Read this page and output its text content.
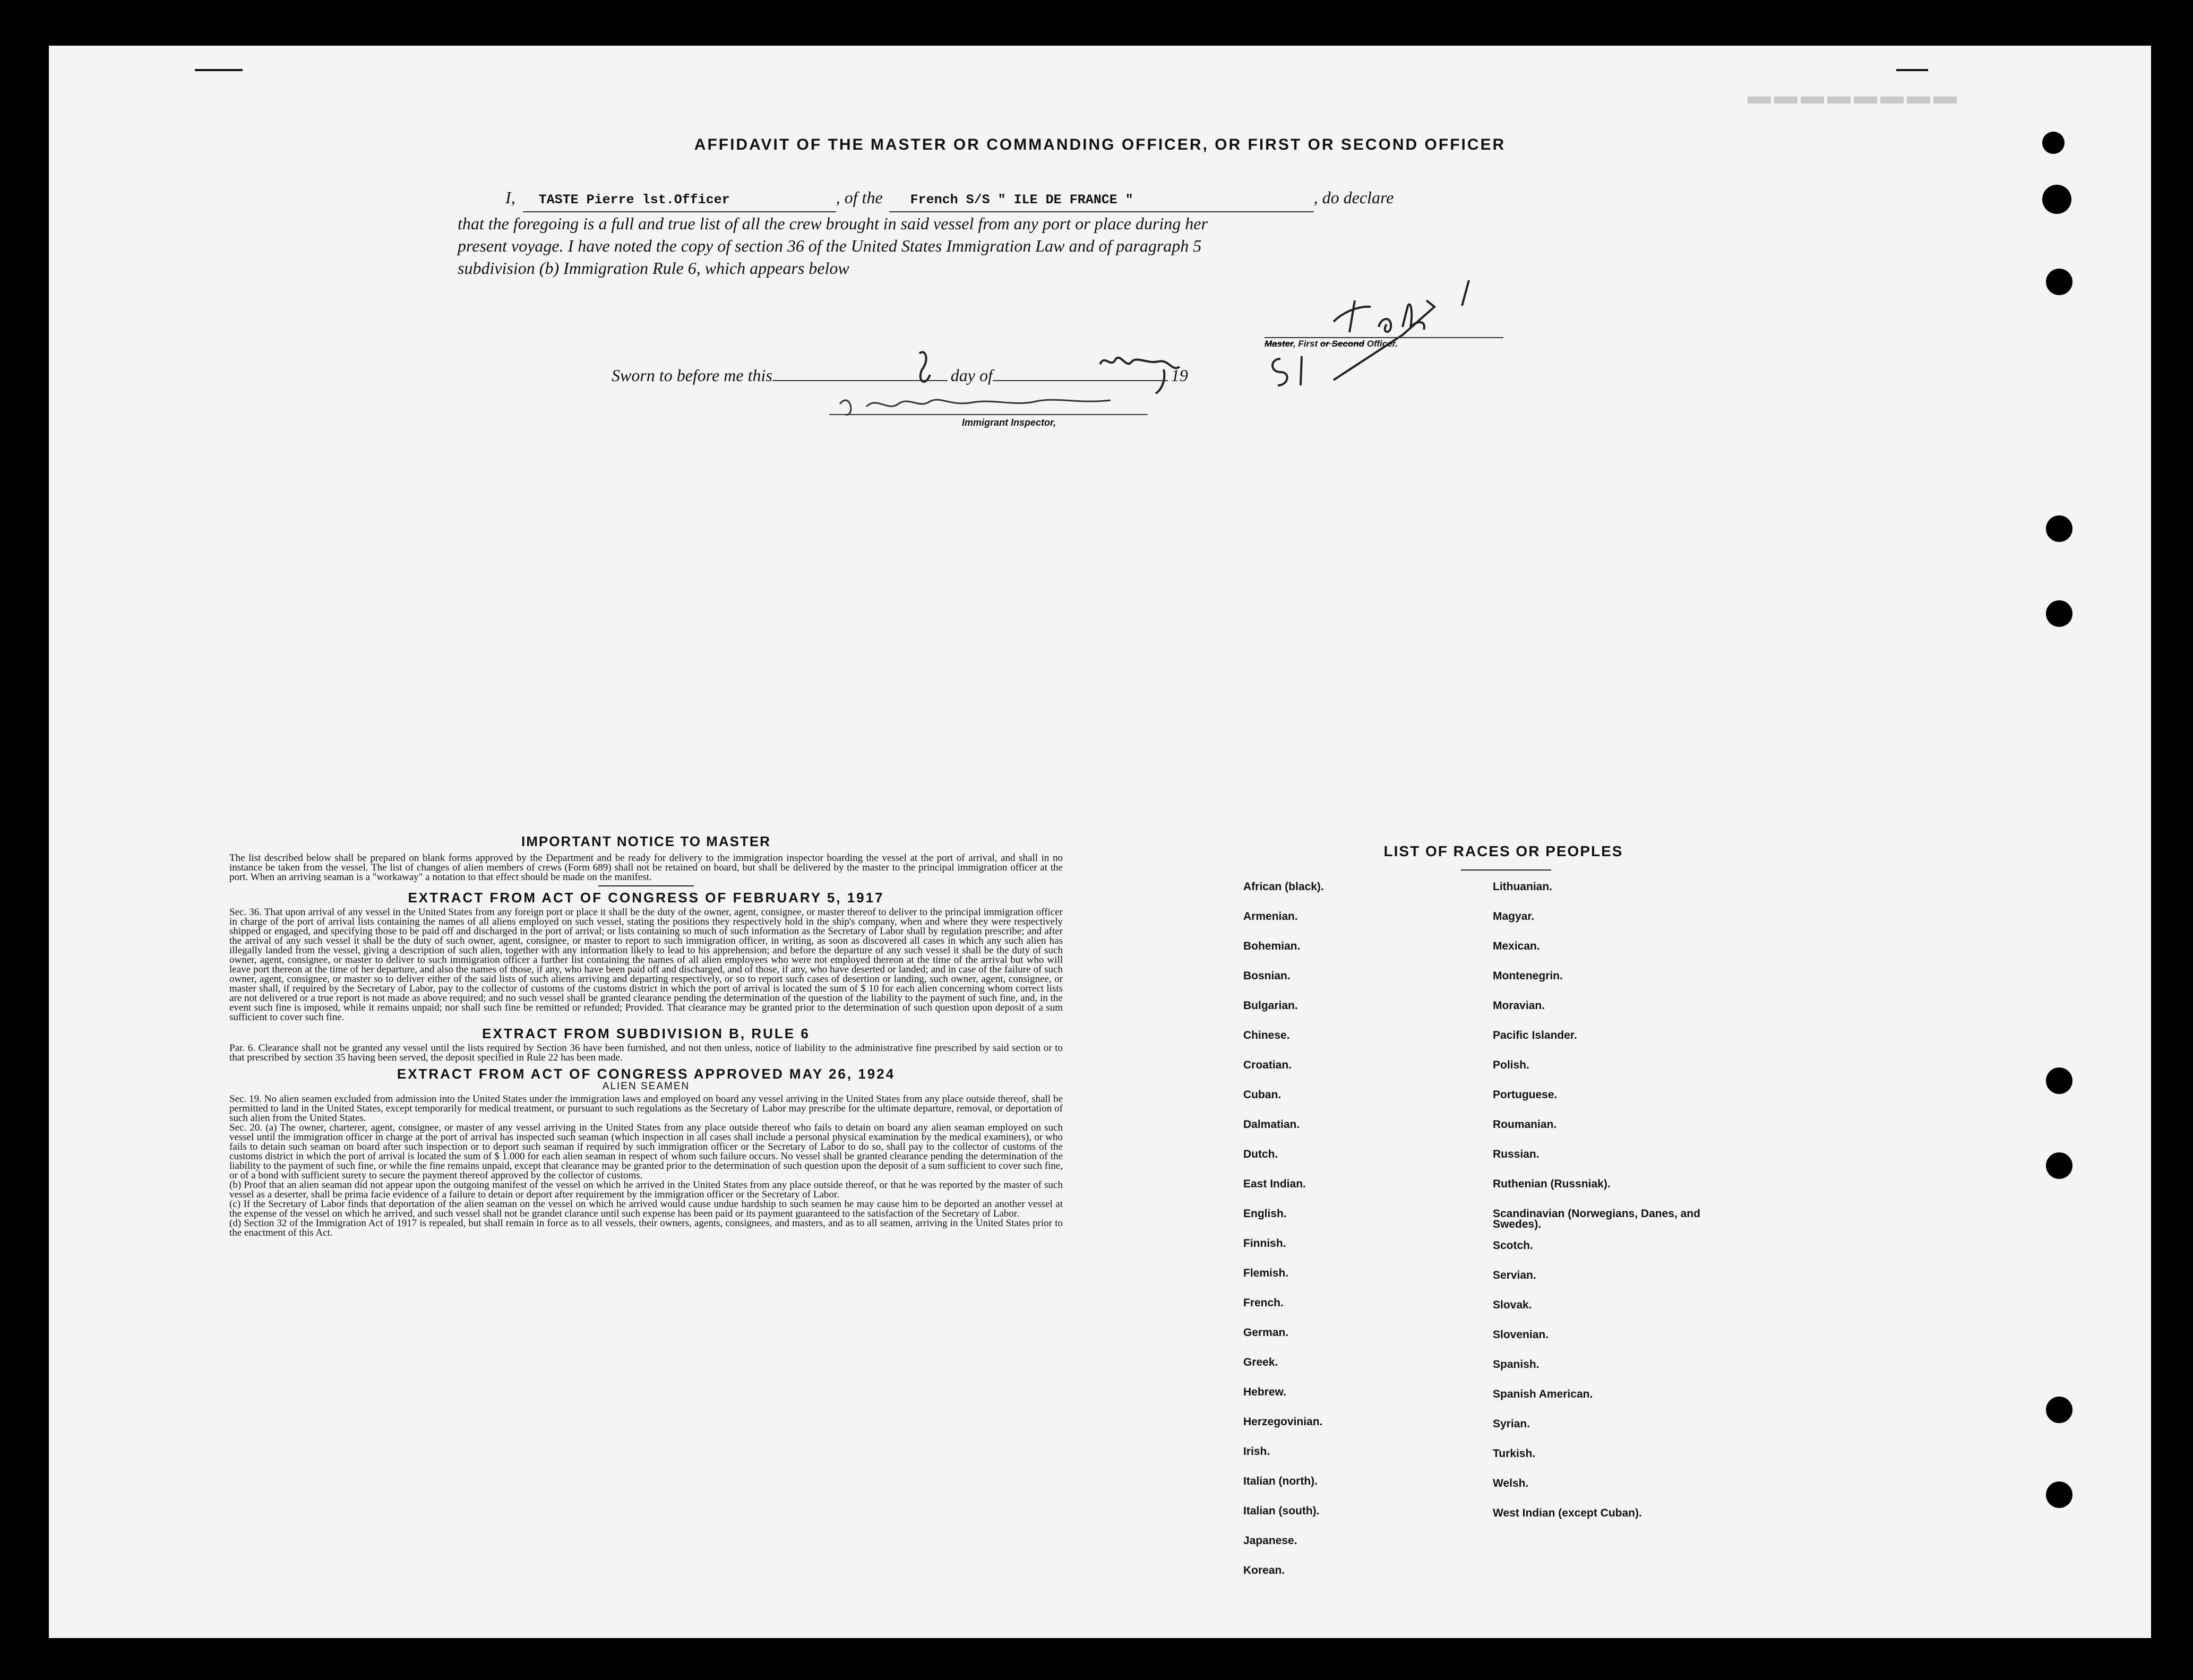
▬▬▬▬▬▬▬▬
AFFIDAVIT OF THE MASTER OR COMMANDING OFFICER, OR FIRST OR SECOND OFFICER
I,	TASTE Pierre lst.Officer	, of the	French S/S " ILE DE FRANCE "	, do declare
that the foregoing is a full and true list of all the crew brought in said vessel from any port or place during her
present voyage. I have noted the copy of section 36 of the United States Immigration Law and of paragraph 5
subdivision (b) Immigration Rule 6, which appears below
Master, First or Second Officer.
Sworn to before me this	day of	19
Immigrant Inspector,
IMPORTANT NOTICE TO MASTER

The list described below shall be prepared on blank forms approved by the Department and be ready for delivery to the immigration inspector boarding the vessel at the port of arrival, and shall in no instance be taken from the vessel. The list of changes of alien members of crews (Form 689) shall not be retained on board, but shall be delivered by the master to the principal immigration officer at the port. When an arriving seaman is a "workaway" a notation to that effect should be made on the manifest.

EXTRACT FROM ACT OF CONGRESS OF FEBRUARY 5, 1917

Sec. 36. That upon arrival of any vessel in the United States from any foreign port or place it shall be the duty of the owner, agent, consignee, or master thereof to deliver to the principal immigration officer in charge of the port of arrival lists containing the names of all aliens employed on such vessel, stating the positions they respectively hold in the ship's company, when and where they were respectively shipped or engaged, and specifying those to be paid off and discharged in the port of arrival; or lists containing so much of such information as the Secretary of Labor shall by regulation prescribe; and after the arrival of any such vessel it shall be the duty of such owner, agent, consignee, or master to report to such immigration officer, in writing, as soon as discovered all cases in which any such alien has illegally landed from the vessel, giving a description of such alien, together with any information likely to lead to his apprehension; and before the departure of any such vessel it shall be the duty of such owner, agent, consignee, or master to deliver to such immigration officer a further list containing the names of all alien employees who were not employed thereon at the time of the arrival but who will leave port thereon at the time of her departure, and also the names of those, if any, who have been paid off and discharged, and of those, if any, who have deserted or landed; and in case of the failure of such owner, agent, consignee, or master so to deliver either of the said lists of such aliens arriving and departing respectively, or so to report such cases of desertion or landing, such owner, agent, consignee, or master shall, if required by the Secretary of Labor, pay to the collector of customs of the customs district in which the port of arrival is located the sum of $ 10 for each alien concerning whom correct lists are not delivered or a true report is not made as above required; and no such vessel shall be granted clearance pending the determination of the question of the liability to the payment of such fine, and, in the event such fine is imposed, while it remains unpaid; nor shall such fine be remitted or refunded; Provided. That clearance may be granted prior to the determination of such question upon deposit of a sum sufficient to cover such fine.

EXTRACT FROM SUBDIVISION B, RULE 6

Par. 6. Clearance shall not be granted any vessel until the lists required by Section 36 have been furnished, and not then unless, notice of liability to the administrative fine prescribed by said section or to that prescribed by section 35 having been served, the deposit specified in Rule 22 has been made.

EXTRACT FROM ACT OF CONGRESS APPROVED MAY 26, 1924
ALIEN SEAMEN

Sec. 19. No alien seamen excluded from admission into the United States under the immigration laws and employed on board any vessel arriving in the United States from any place outside thereof, shall be permitted to land in the United States, except temporarily for medical treatment, or pursuant to such regulations as the Secretary of Labor may prescribe for the ultimate departure, removal, or deportation of such alien from the United States.

Sec. 20. (a) The owner, charterer, agent, consignee, or master of any vessel arriving in the United States from any place outside thereof who fails to detain on board any alien seaman employed on such vessel until the immigration officer in charge at the port of arrival has inspected such seaman (which inspection in all cases shall include a personal physical examination by the medical examiners), or who fails to detain such seaman on board after such inspection or to deport such seaman if required by such immigration officer or the Secretary of Labor to do so, shall pay to the collector of customs of the customs district in which the port of arrival is located the sum of $ 1.000 for each alien seaman in respect of whom such failure occurs. No vessel shall be granted clearance pending the determination of the liability to the payment of such fine, or while the fine remains unpaid, except that clearance may be granted prior to the determination of such question upon the deposit of a sum sufficient to cover such fine, or of a bond with sufficient surety to secure the payment thereof approved by the collector of customs.

(b) Proof that an alien seaman did not appear upon the outgoing manifest of the vessel on which he arrived in the United States from any place outside thereof, or that he was reported by the master of such vessel as a deserter, shall be prima facie evidence of a failure to detain or deport after requirement by the immigration officer or the Secretary of Labor.

(c) If the Secretary of Labor finds that deportation of the alien seaman on the vessel on which he arrived would cause undue hardship to such seamen he may cause him to be deported an another vessel at the expense of the vessel on which he arrived, and such vessel shall not be grandet clarance until such expense has been paid or its payment guaranteed to the satisfaction of the Secretary of Labor.

(d) Section 32 of the Immigration Act of 1917 is repealed, but shall remain in force as to all vessels, their owners, agents, consignees, and masters, and as to all seamen, arriving in the United States prior to the enactment of this Act.

LIST OF RACES OR PEOPLES
African (black).
Armenian.
Bohemian.
Bosnian.
Bulgarian.
Chinese.
Croatian.
Cuban.
Dalmatian.
Dutch.
East Indian.
English.
Finnish.
Flemish.
French.
German.
Greek.
Hebrew.
Herzegovinian.
Irish.
Italian (north).
Italian (south).
Japanese.
Korean.
Lithuanian.
Magyar.
Mexican.
Montenegrin.
Moravian.
Pacific Islander.
Polish.
Portuguese.
Roumanian.
Russian.
Ruthenian (Russniak).
Scandinavian (Norwegians, Danes, and Swedes).
Scotch.
Servian.
Slovak.
Slovenian.
Spanish.
Spanish American.
Syrian.
Turkish.
Welsh.
West Indian (except Cuban).
